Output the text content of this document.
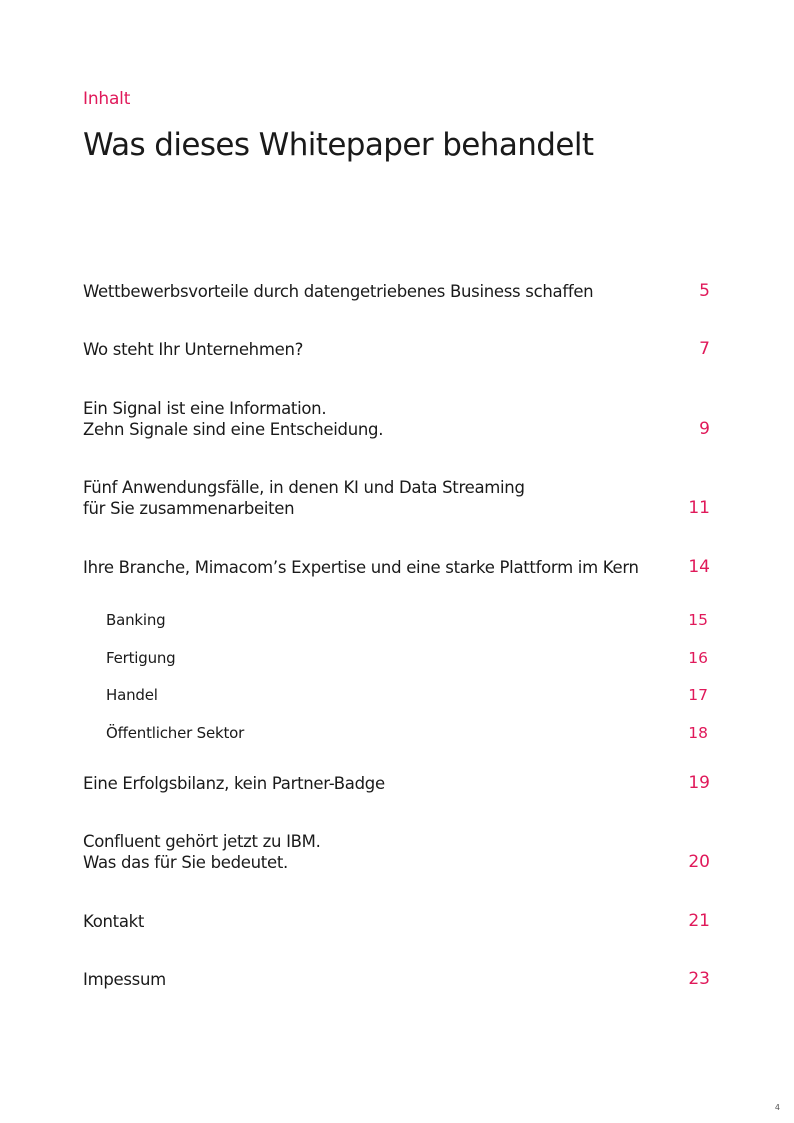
Inhalt
Was dieses Whitepaper behandelt
Wettbewerbsvorteile durch datengetriebenes Business schaffen	5
Wo steht Ihr Unternehmen?	7
Ein Signal ist eine Information.
Zehn Signale sind eine Entscheidung.	9
Fünf Anwendungsfälle, in denen KI und Data Streaming
für Sie zusammenarbeiten	11
Ihre Branche, Mimacom’s Expertise und eine starke Plattform im Kern	14
Banking	15
Fertigung	16
Handel	17
Öffentlicher Sektor	18
Eine Erfolgsbilanz, kein Partner-Badge	19
Confluent gehört jetzt zu IBM.
Was das für Sie bedeutet.	20
Kontakt	21
Impessum	23
4
